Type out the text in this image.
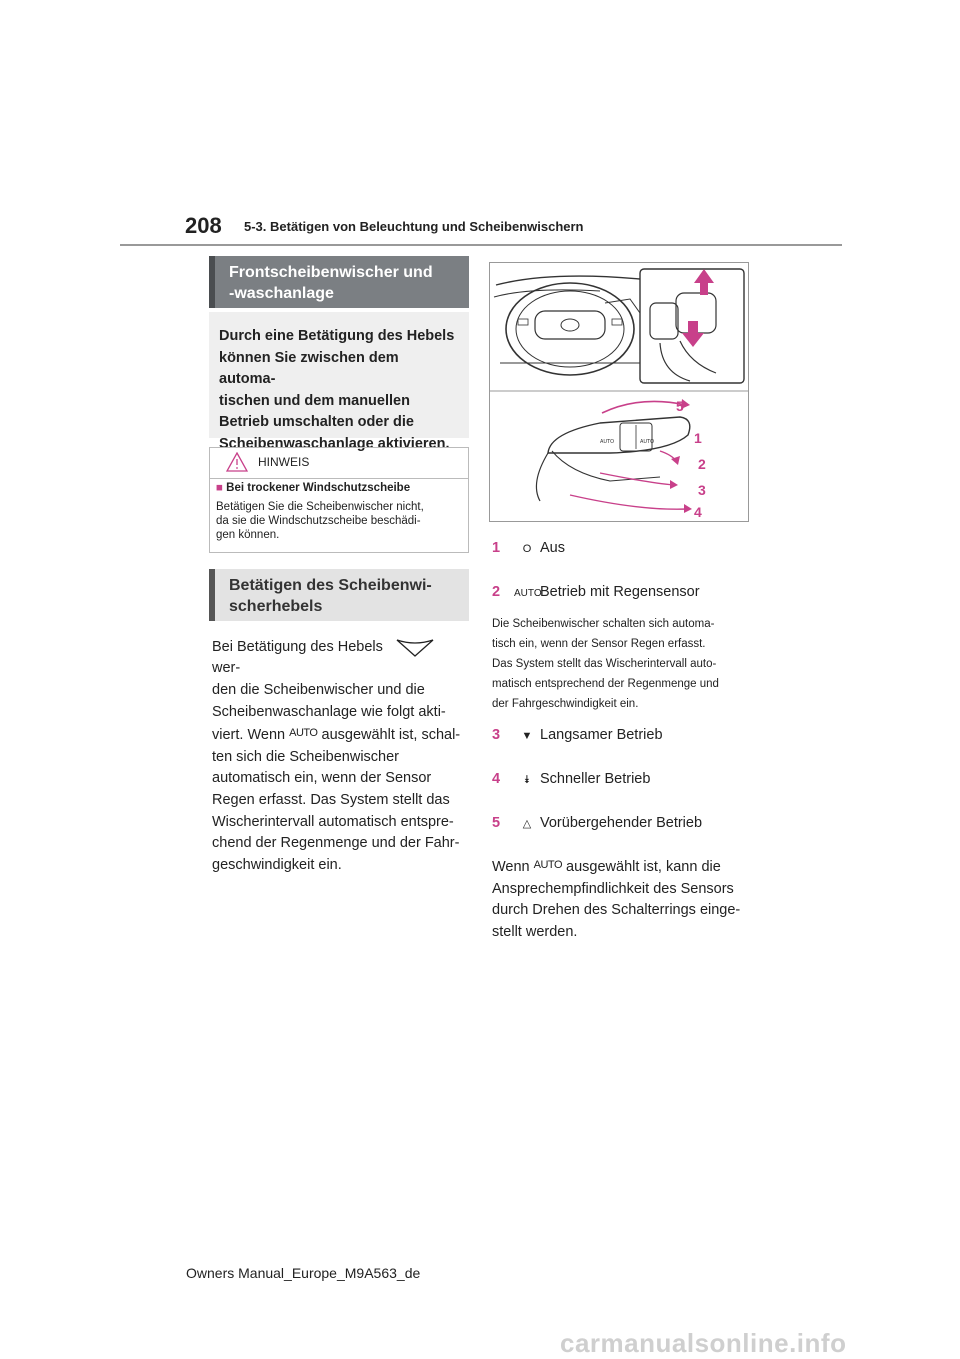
208 5-3. Betätigen von Beleuchtung und Scheibenwischern
Frontscheibenwischer und
-waschanlage
Durch eine Betätigung des Hebels
können Sie zwischen dem automa-
tischen und dem manuellen
Betrieb umschalten oder die
Scheibenwaschanlage aktivieren.
HINWEIS
■ Bei trockener Windschutzscheibe
Betätigen Sie die Scheibenwischer nicht,
da sie die Windschutzscheibe beschädi-
gen können.
Betätigen des Scheibenwi-
scherhebels
Bei Betätigung des Hebels  wer-
den die Scheibenwischer und die
Scheibenwaschanlage wie folgt akti-
viert. Wenn $^{AUTO}$ ausgewählt ist, schal-
ten sich die Scheibenwischer
automatisch ein, wenn der Sensor
Regen erfasst. Das System stellt das
Wischerintervall automatisch entspre-
chend der Regenmenge und der Fahr-
geschwindigkeit ein.
AUTO	AUTO
5
1
2
3
4
1 O Aus
2 AUTOBetrieb mit Regensensor
Die Scheibenwischer schalten sich automa-
tisch ein, wenn der Sensor Regen erfasst.
Das System stellt das Wischerintervall auto-
matisch entsprechend der Regenmenge und
der Fahrgeschwindigkeit ein.
3 ▼ Langsamer Betrieb
4 ⯯ Schneller Betrieb
5 △ Vorübergehender Betrieb
Wenn $^{AUTO}$ ausgewählt ist, kann die
Ansprechempfindlichkeit des Sensors
durch Drehen des Schalterrings einge-
stellt werden.
Owners Manual_Europe_M9A563_de
carmanualsonline.info
